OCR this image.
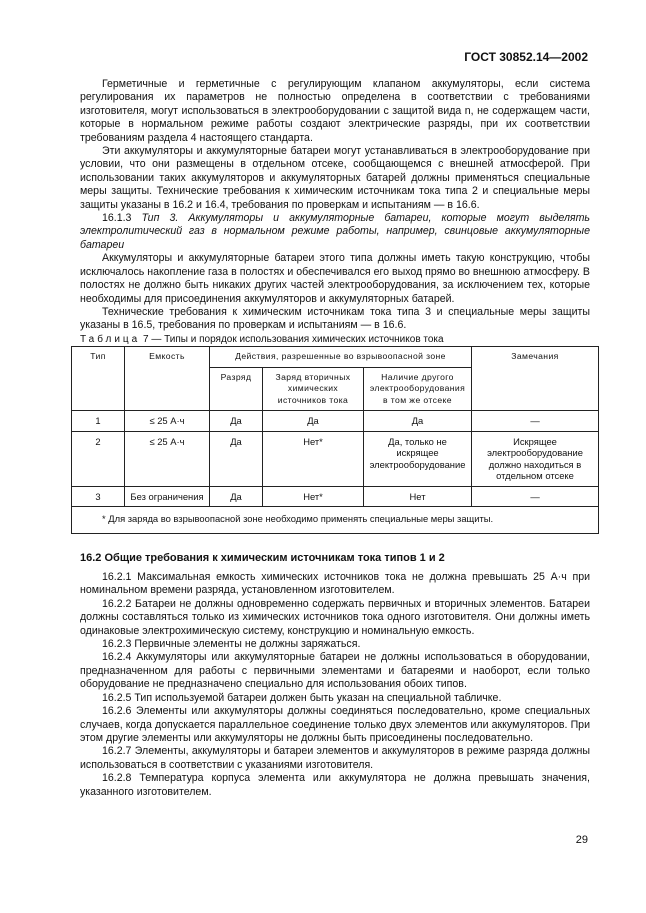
ГОСТ 30852.14—2002

Герметичные и герметичные с регулирующим клапаном аккумуляторы, если система регулирования их параметров не полностью определена в соответствии с требованиями изготовителя, могут использоваться в электрооборудовании с защитой вида n, не содержащем части, которые в нормальном режиме работы создают электрические разряды, при их соответствии требованиям раздела 4 настоящего стандарта.

Эти аккумуляторы и аккумуляторные батареи могут устанавливаться в электрооборудование при условии, что они размещены в отдельном отсеке, сообщающемся с внешней атмосферой. При использовании таких аккумуляторов и аккумуляторных батарей должны применяться специальные меры защиты. Технические требования к химическим источникам тока типа 2 и специальные меры защиты указаны в 16.2 и 16.4, требования по проверкам и испытаниям — в 16.6.

16.1.3 Тип 3. Аккумуляторы и аккумуляторные батареи, которые могут выделять электролитический газ в нормальном режиме работы, например, свинцовые аккумуляторные батареи

Аккумуляторы и аккумуляторные батареи этого типа должны иметь такую конструкцию, чтобы исключалось накопление газа в полостях и обеспечивался его выход прямо во внешнюю атмосферу. В полостях не должно быть никаких других частей электрооборудования, за исключением тех, которые необходимы для присоединения аккумуляторов и аккумуляторных батарей.

Технические требования к химическим источникам тока типа 3 и специальные меры защиты указаны в 16.5, требования по проверкам и испытаниям — в 16.6.

Таблица 7 — Типы и порядок использования химических источников тока

Тип	Емкость	Действия, разрешенные во взрывоопасной зоне			Замечания
		Разряд	Заряд вторичных химических источников тока	Наличие другого электрооборудования в том же отсеке	
1	≤ 25 А·ч	Да	Да	Да	—
2	≤ 25 А·ч	Да	Нет*	Да, только не искрящее электрооборудование	Искрящее электрооборудование должно находиться в отдельном отсеке
3	Без ограничения	Да	Нет*	Нет	—
* Для заряда во взрывоопасной зоне необходимо применять специальные меры защиты.					
16.2 Общие требования к химическим источникам тока типов 1 и 2

16.2.1 Максимальная емкость химических источников тока не должна превышать 25 А·ч при номинальном времени разряда, установленном изготовителем.

16.2.2 Батареи не должны одновременно содержать первичных и вторичных элементов. Батареи должны составляться только из химических источников тока одного изготовителя. Они должны иметь одинаковые электрохимическую систему, конструкцию и номинальную емкость.

16.2.3 Первичные элементы не должны заряжаться.

16.2.4 Аккумуляторы или аккумуляторные батареи не должны использоваться в оборудовании, предназначенном для работы с первичными элементами и батареями и наоборот, если только оборудование не предназначено специально для использования обоих типов.

16.2.5 Тип используемой батареи должен быть указан на специальной табличке.

16.2.6 Элементы или аккумуляторы должны соединяться последовательно, кроме специальных случаев, когда допускается параллельное соединение только двух элементов или аккумуляторов. При этом другие элементы или аккумуляторы не должны быть присоединены последовательно.

16.2.7 Элементы, аккумуляторы и батареи элементов и аккумуляторов в режиме разряда должны использоваться в соответствии с указаниями изготовителя.

16.2.8 Температура корпуса элемента или аккумулятора не должна превышать значения, указанного изготовителем.

29
